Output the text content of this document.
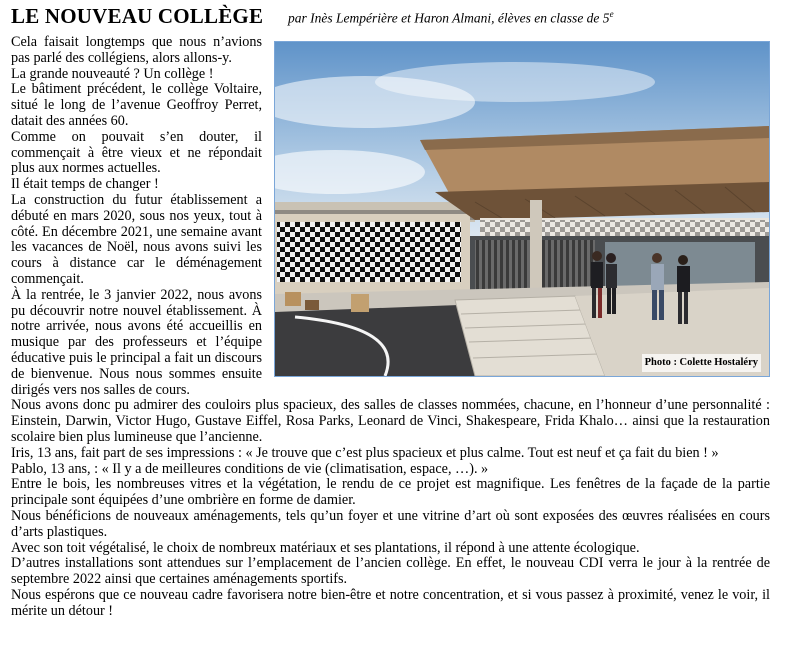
LE NOUVEAU COLLÈGE par Inès Lempérière et Haron Almani, élèves en classe de 5e
Photo : Colette Hostaléry

Cela faisait longtemps que nous n’avions pas parlé des collégiens, alors allons-y.

La grande nouveauté ? Un collège !

Le bâtiment précédent, le collège Voltaire, situé le long de l’avenue Geoffroy Perret, datait des années 60.

Comme on pouvait s’en douter, il commençait à être vieux et ne répondait plus aux normes actuelles.

Il était temps de changer !

La construction du futur établissement a débuté en mars 2020, sous nos yeux, tout à côté. En décembre 2021, une semaine avant les vacances de Noël, nous avons suivi les cours à distance car le déménagement commençait.

À la rentrée, le 3 janvier 2022, nous avons pu découvrir notre nouvel établissement. À notre arrivée, nous avons été accueillis en musique par des professeurs et l’équipe éducative puis le principal a fait un discours de bienvenue. Nous nous sommes ensuite dirigés vers nos salles de cours.

Nous avons donc pu admirer des couloirs plus spacieux, des salles de classes nommées, chacune, en l’honneur d’une personnalité : Einstein, Darwin, Victor Hugo, Gustave Eiffel, Rosa Parks, Leonard de Vinci, Shakespeare, Frida Khalo… ainsi que la restauration scolaire bien plus lumineuse que l’ancienne.

Iris, 13 ans, fait part de ses impressions : « Je trouve que c’est plus spacieux et plus calme. Tout est neuf et ça fait du bien ! »

Pablo, 13 ans, : « Il y a de meilleures conditions de vie (climatisation, espace, …). »

Entre le bois, les nombreuses vitres et la végétation, le rendu de ce projet est magnifique. Les fenêtres de la façade de la partie principale sont équipées d’une ombrière en forme de damier.

Nous bénéficions de nouveaux aménagements, tels qu’un foyer et une vitrine d’art où sont exposées des œuvres réalisées en cours d’arts plastiques.

Avec son toit végétalisé, le choix de nombreux matériaux et ses plantations, il répond à une attente écologique.

D’autres installations sont attendues sur l’emplacement de l’ancien collège. En effet, le nouveau CDI verra le jour à la rentrée de septembre 2022 ainsi que certaines aménagements sportifs.

Nous espérons que ce nouveau cadre favorisera notre bien-être et notre concentration, et si vous passez à proximité, venez le voir, il mérite un détour !
